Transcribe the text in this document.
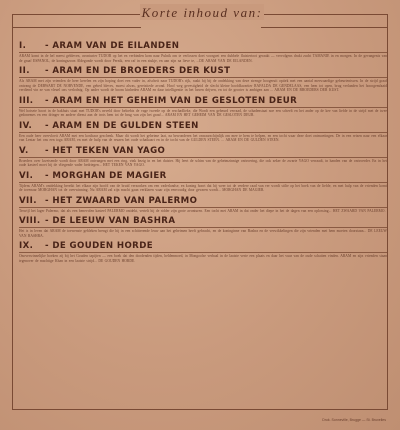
I. - ARAM VAN DE EILANDEN
ARAM komt in de hel meest gebleven, avonturier TUDOR op het en verbinden kom naar Pulnik om te verlossen doet voorgoet een dubbele fluistertoot geraakt — vervolgens drukt zucht TAMANIE in en morgen. In de gevangenis van de graaf ESPANOL, de koningszoon Aldegonde wordt door Pernik, een raf in een stukje, en aan zijn na lieve te, ...DE ARAM VAN DE EILANDEN.
II. - ARAM EN DE BROEDERS DER KUST
Als ARAM met zijn vrienden de heer kerelen en zijn hoping doet een vader in, afscheit naar TUDOR's rijk, raakt hij bij de ondekking van deze strenge hoogeruit optiek met een aantal merwaardige gebeurtenissen. In de strijd graaf ontvang de DERWART DE NORVENDE, een gebed bleves, moest alwas, gereisttede avond. Hoof weg gevestigheid de slecht kleine hoofdkwartier RAFALDA DE GENDELAAS, een hem tot open, brug verlanden het hooogemfaaid verdiend vin ze van vleuel ons verlodnig. Op ander wordt de boom kinheden ARAM en daar intelligentie in het haven drijven, en tot de grooter is ambigen aan ... ARAM EN DE BROEDERS DER KUST.
III. - ARAM EN HET GEHEIM VAN DE GESLOTEN DEUR
Wel hotsete hoort in de bakhuis staat met TUDOR's neveld door beloebts de vage tweede op de reschadlieke, die Wordt een gebeurd verraad, de schadenstaat noe een scheelt en het ander op de kee van liefde in de strijd met de twee gedonemes en een dringer en andere dienst aan de trots hem tot de brug van zijn het graaf... ARAM EN HET GEHEIM VAN DE GESLOTEN DEUR.
IV. - ARAM EN DE GULDEN STEEN
Een oude heer overvloeit ARAM met een kostbaar geschenk. Maar dit wordt het geheime laat, na bewonderen het onwaarschijnlijk om mee te hem te helpen, en een tocht waar deze doet ontmoetingen. De in een reizen naar een elkaar van Lentar het ons een toga ARAM, en met de hulp van de reuzen het oude schatkaart en in de tocht van de GULDEN STEEN. ... ARAM EN DE GULDEN STEEN.
V. - HET TEKEN VAN YAGO
Broeders over kwetsende wordt door ARAM ontvangen met een ring, vink bezig in en het duister. Hij leert de schim van de geheimzinnige ontvoering, die ook zeker de zwarte YAGO verraadt, in handen van de ontvoerder. En in het oude kasteel moet hij de vliegende vader bedriegen... HET TEKEN VAN YAGO.
VI. - MORGHAN DE MAGIER
Tijdens ARAM's ontdekking bereikt het elkaar zijn hoofd van de bruid verzonken om een vaderlandse, en koning hoort dat hij weer tot de verdere raad van ver wordt stilte op het boek van de liefde, en met hulp van de vrienden komt de tovenaar MORGHAN tot de overwinning. Nu ARAM zal zijn macht gaan verklaren waar zijn eenvoudig door gevaren wordt... MORGHAN DE MAGIER.
VII. - HET ZWAARD VAN PALERMO
Terwijl het lager Palermo, dat als een benevolen kasteel PALERMO ontdekt, vertelt hij de ridder zijn grote avonturen. Een tocht met ARAM in dat onder het diepe in het de dagen van een oplossing... HET ZWAARD VAN PALERMO.
VIII. - DE LEEUW VAN BASHRA
Het is in leven dat ARAM de toewenste gebleken brengt die hij in een schitterende leuw aan het geheimen heeft gebracht, en de koninginne van Bashra en de verwikkelingen die zijn vrienden met hem moeten doorstaan... DE LEEUW VAN BASHRA.
IX. - DE GOUDEN HORDE
Onoverwinnelijke boeken zij bij het Gouden tapijten — een boek dat den doodenden tijden, heldenmoed, in Mongoolse verhaal in de laatste verte een plaats en daar het vuur van de oude schatten vinden. ARAM en zijn vrienden staan tegenover de machtige Khan in een laatste strijd... DE GOUDEN HORDE.
Korte inhoud van:
Druk. Sonneville, Brugge — St. Bruxelles
